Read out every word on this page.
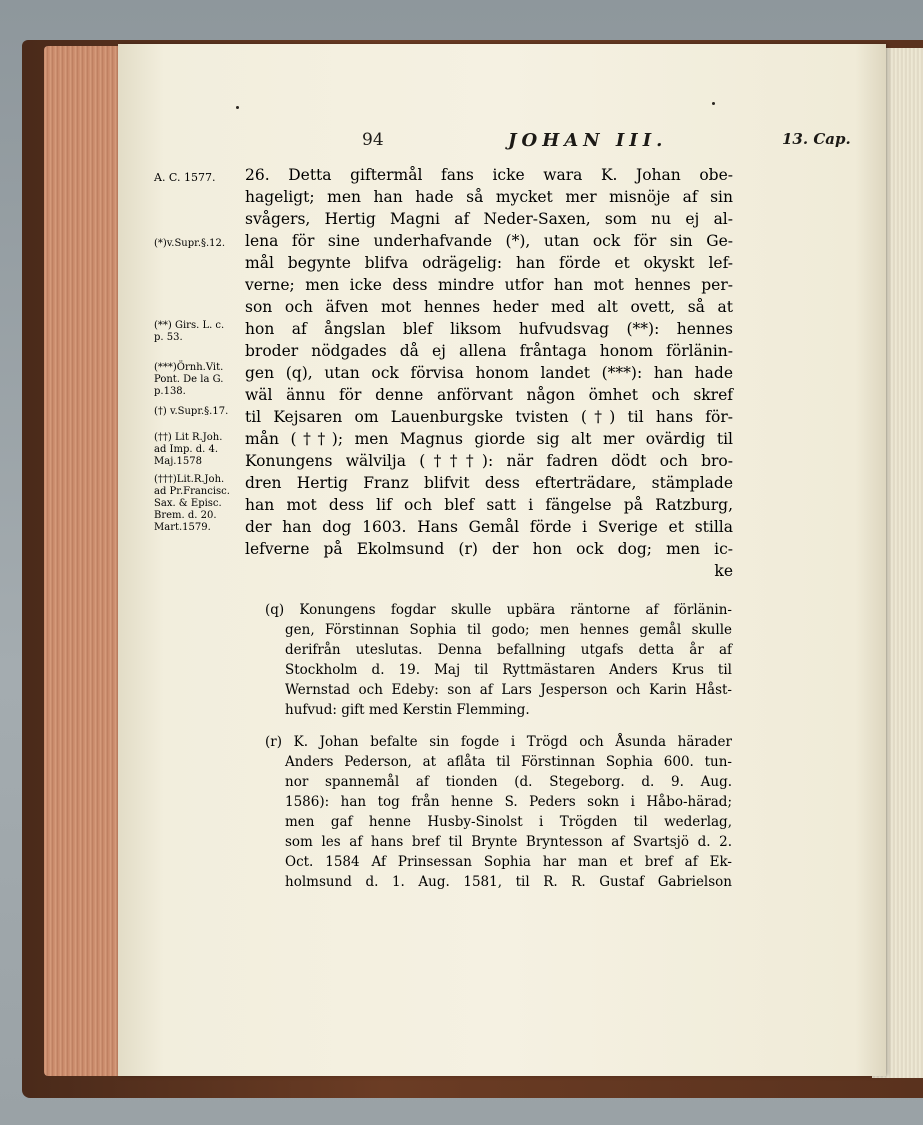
94	JOHAN III.	13. Cap.
A. C. 1577.
(*)v.Supr.§.12.
(**) Girs. L. c.
p. 53.
(***)Örnh.Vit.
Pont. De la G.
p.138.
(†) v.Supr.§.17.
(††) Lit R.Joh.
ad Imp. d. 4.
Maj.1578
(†††)Lit.R.Joh.
ad Pr.Francisc.
Sax. & Episc.
Brem. d. 20.
Mart.1579.
26. Detta giftermål fans icke wara K. Johan obe-
hageligt; men han hade så mycket mer misnöje af sin
svågers, Hertig Magni af Neder-Saxen, som nu ej al-
lena för sine underhafvande (*), utan ock för sin Ge-
mål begynte blifva odrägelig: han förde et okyskt lef-
verne; men icke dess mindre utfor han mot hennes per-
son och äfven mot hennes heder med alt ovett, så at
hon af ångslan blef liksom hufvudsvag (**): hennes
broder nödgades då ej allena fråntaga honom förlänin-
gen (q), utan ock förvisa honom landet (***): han hade
wäl ännu för denne anförvant någon ömhet och skref
til Kejsaren om Lauenburgske tvisten (†) til hans för-
mån (††); men Magnus giorde sig alt mer ovärdig til
Konungens wälvilja (†††): när fadren dödt och bro-
dren Hertig Franz blifvit dess efterträdare, stämplade
han mot dess lif och blef satt i fängelse på Ratzburg,
der han dog 1603. Hans Gemål förde i Sverige et stilla
lefverne på Ekolmsund (r) der hon ock dog; men ic-
ke
(q) Konungens fogdar skulle upbära räntorne af förlänin-
gen, Förstinnan Sophia til godo; men hennes gemål skulle
derifrån uteslutas. Denna befallning utgafs detta år af
Stockholm d. 19. Maj til Ryttmästaren Anders Krus til
Wernstad och Edeby: son af Lars Jesperson och Karin Håst-
hufvud: gift med Kerstin Flemming.
(r) K. Johan befalte sin fogde i Trögd och Åsunda härader
Anders Pederson, at aflåta til Förstinnan Sophia 600. tun-
nor spannemål af tionden (d. Stegeborg. d. 9. Aug.
1586): han tog från henne S. Peders sokn i Håbo-härad;
men gaf henne Husby-Sinolst i Trögden til wederlag,
som les af hans bref til Brynte Bryntesson af Svartsjö d. 2.
Oct. 1584 Af Prinsessan Sophia har man et bref af Ek-
holmsund d. 1. Aug. 1581, til R. R. Gustaf Gabrielson
